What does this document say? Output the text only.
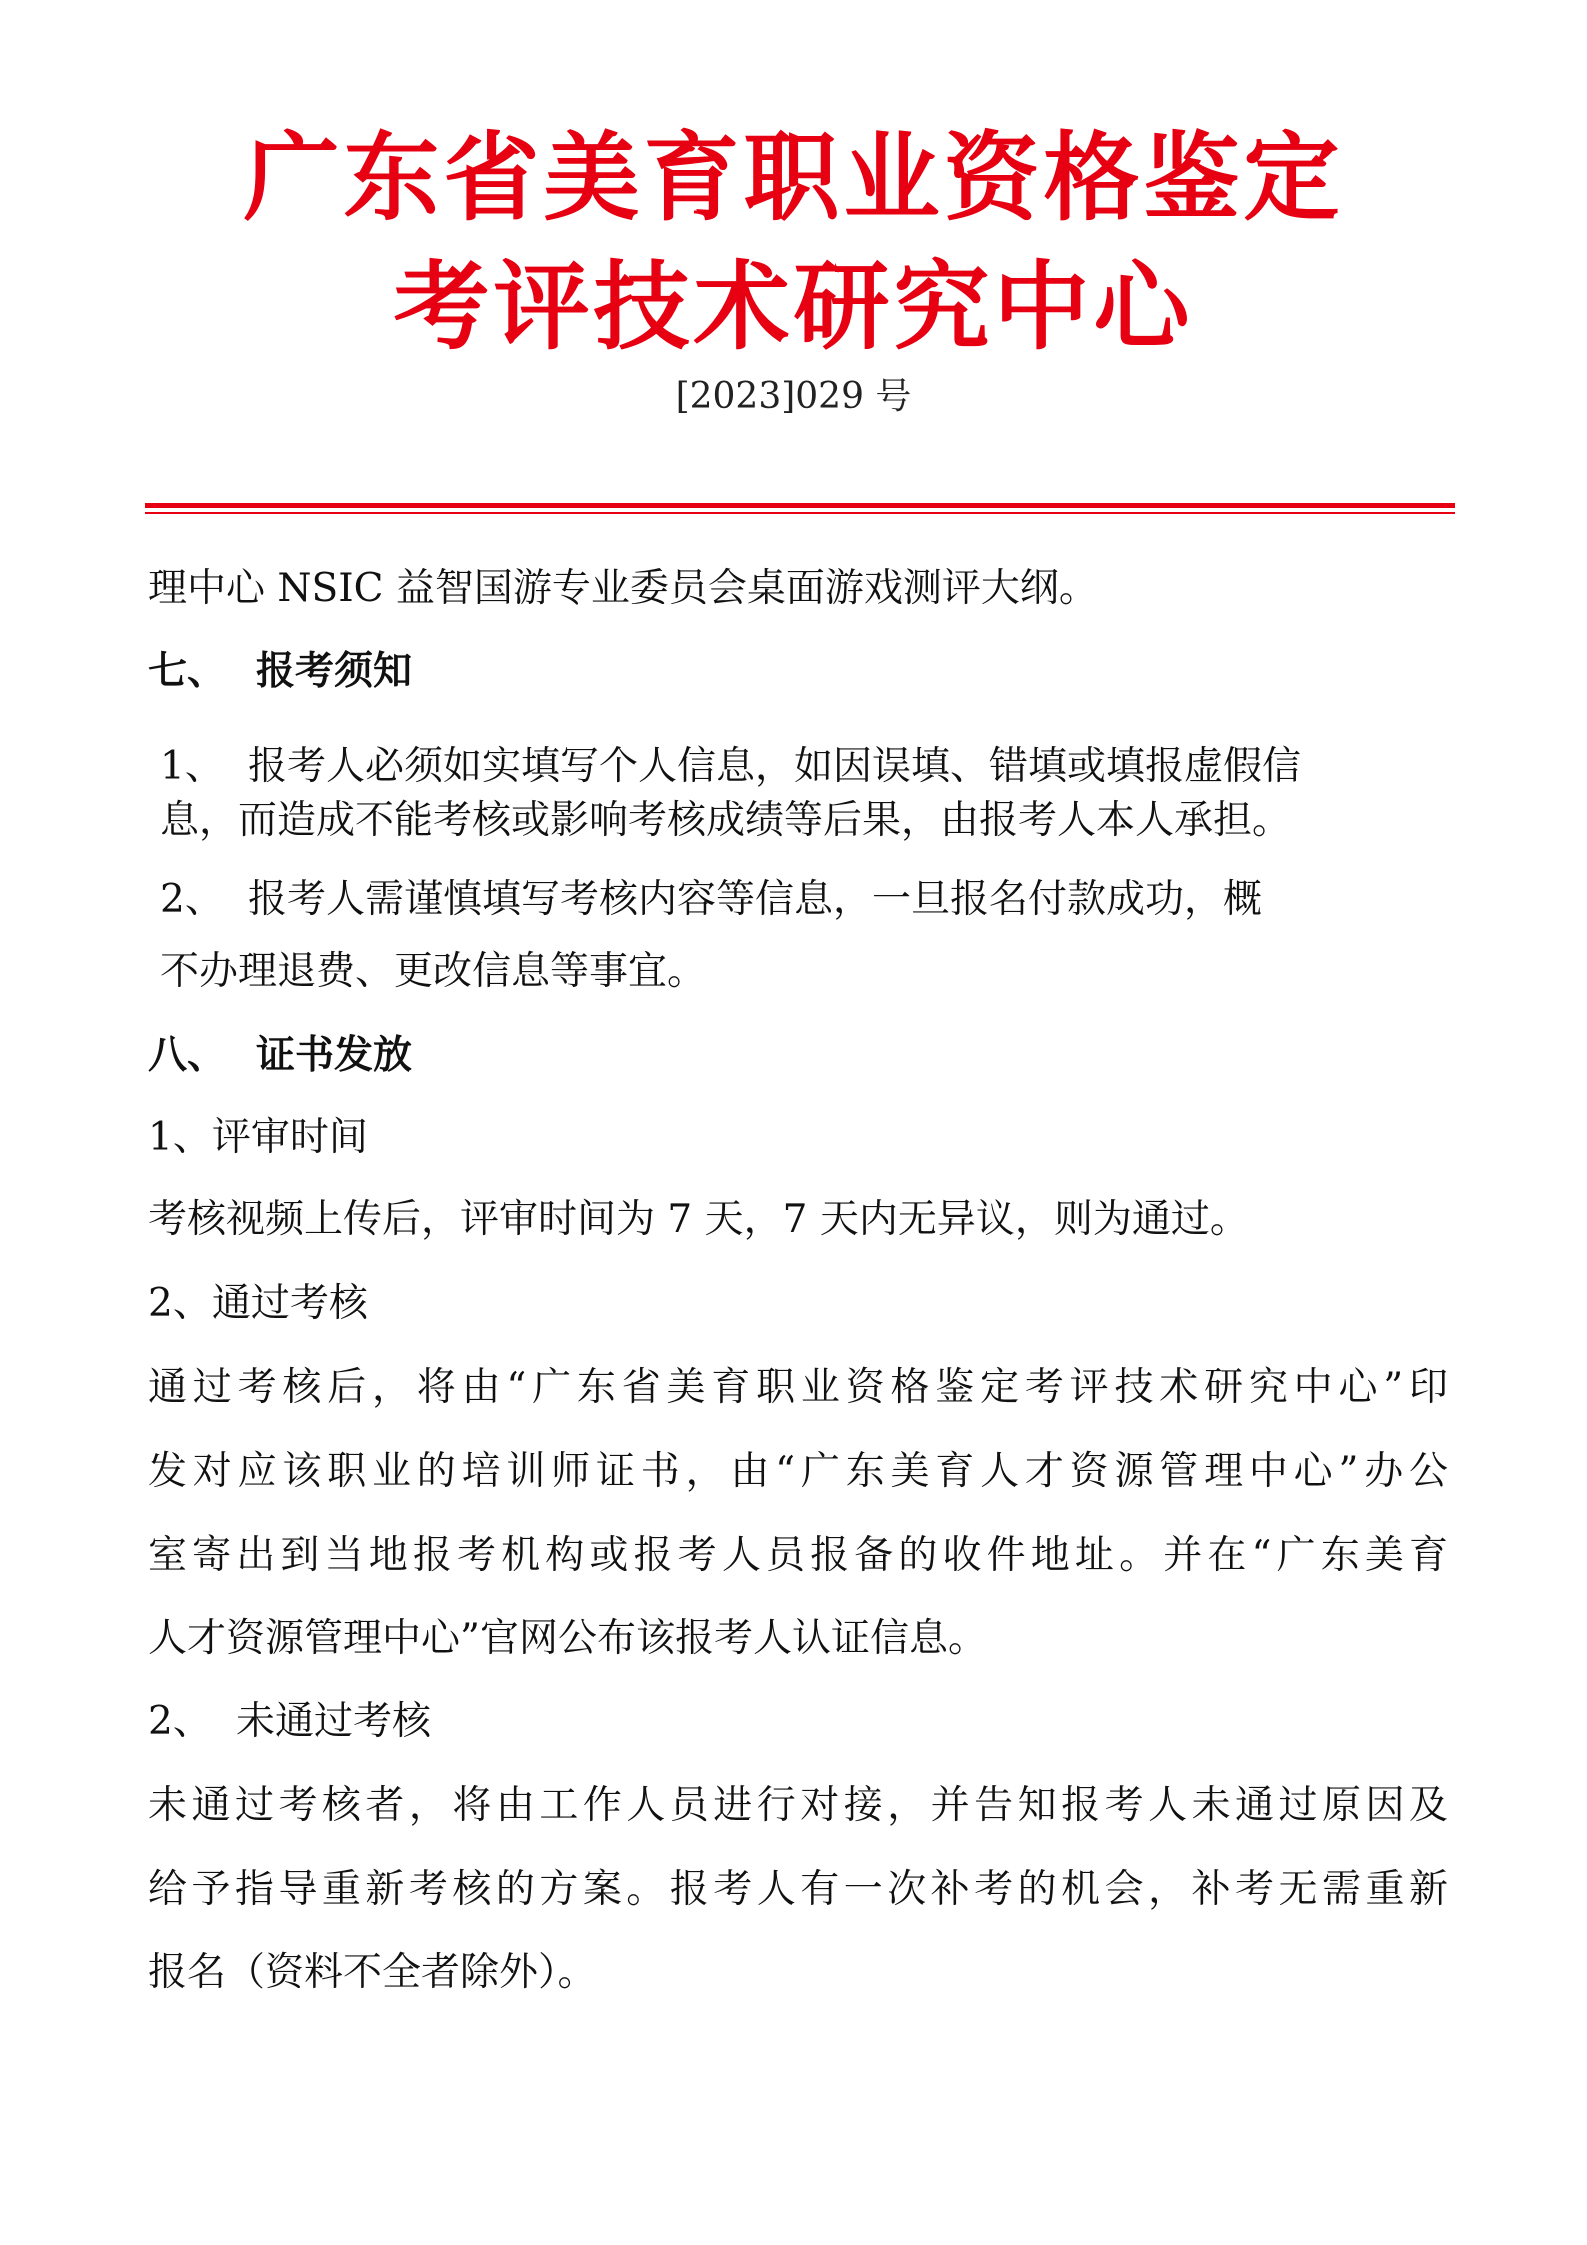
广东省美育职业资格鉴定
考评技术研究中心
[2023]029 号
理中心 NSIC 益智国游专业委员会桌面游戏测评大纲。
七、 报考须知
1、 报考人必须如实填写个人信息，如因误填、错填或填报虚假信
息，而造成不能考核或影响考核成绩等后果，由报考人本人承担。
2、 报考人需谨慎填写考核内容等信息，一旦报名付款成功，概
不办理退费、更改信息等事宜。
八、 证书发放
1、评审时间
考核视频上传后，评审时间为 7 天，7 天内无异议，则为通过。
2、通过考核
通过考核后，将由“广东省美育职业资格鉴定考评技术研究中心”印
发对应该职业的培训师证书，由“广东美育人才资源管理中心”办公
室寄出到当地报考机构或报考人员报备的收件地址。并在“广东美育
人才资源管理中心”官网公布该报考人认证信息。
2、 未通过考核
未通过考核者，将由工作人员进行对接，并告知报考人未通过原因及
给予指导重新考核的方案。报考人有一次补考的机会，补考无需重新
报名（资料不全者除外）。
